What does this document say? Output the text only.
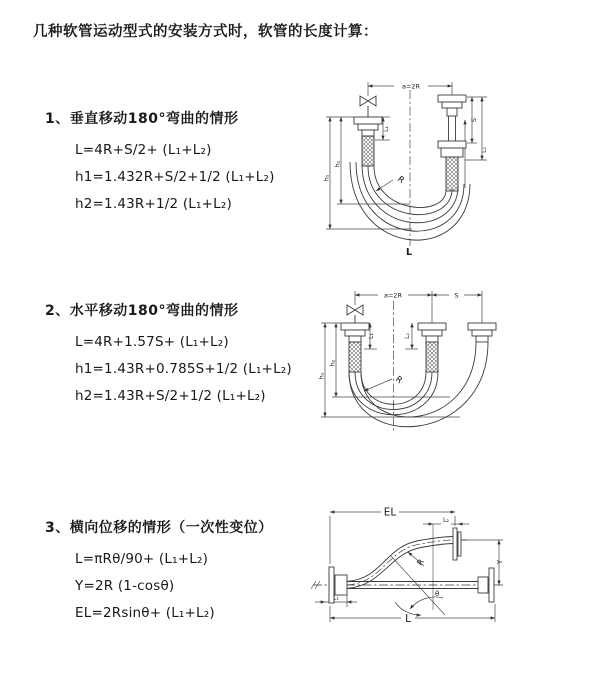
几种软管运动型式的安装方式时，软管的长度计算：
1、垂直移动180°弯曲的情形
L=4R+S/2+ (L₁+L₂)
h1=1.432R+S/2+1/2 (L₁+L₂)
h2=1.43R+1/2 (L₁+L₂)
2、水平移动180°弯曲的情形
L=4R+1.57S+ (L₁+L₂)
h1=1.43R+0.785S+1/2 (L₁+L₂)
h2=1.43R+S/2+1/2 (L₁+L₂)
3、横向位移的情形（一次性变位）
L=πRθ/90+ (L₁+L₂)
Y=2R (1-cosθ)
EL=2Rsinθ+ (L₁+L₂)
a=2R
L₁
S
L₂
h₁
h₂
R
L
a=2R	S
L₁	L₂
h₁
h₂
R
EL
L₂
Y
R
θ
L
L₁
